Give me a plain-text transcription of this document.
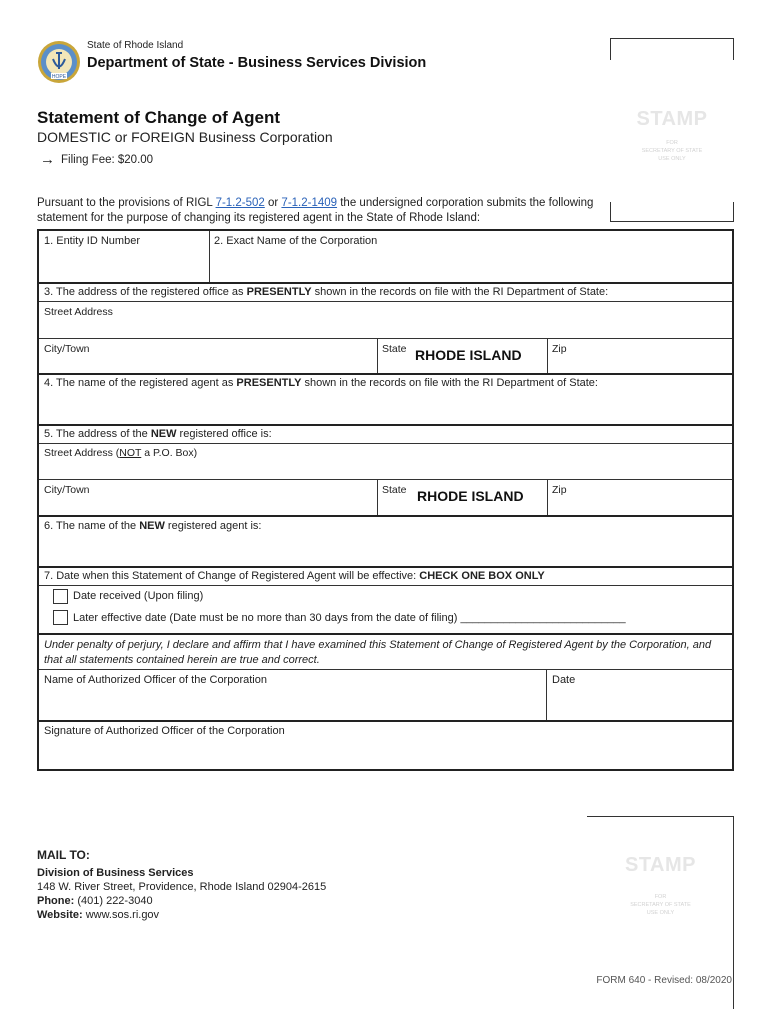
HOPE
State of Rhode Island
Department of State - Business Services Division
STAMP
FOR
SECRETARY OF STATE
USE ONLY
Statement of Change of Agent
DOMESTIC or FOREIGN Business Corporation
→ Filing Fee: $20.00
Pursuant to the provisions of RIGL 7-1.2-502 or 7-1.2-1409 the undersigned corporation submits the following statement for the purpose of changing its registered agent in the State of Rhode Island:
1. Entity ID Number	2. Exact Name of the Corporation
3. The address of the registered office as PRESENTLY shown in the records on file with the RI Department of State:
Street Address
City/Town	State RHODE ISLAND	Zip
4. The name of the registered agent as PRESENTLY shown in the records on file with the RI Department of State:
5. The address of the NEW registered office is:
Street Address (NOT a P.O. Box)
City/Town	State RHODE ISLAND	Zip
6. The name of the NEW registered agent is:
7. Date when this Statement of Change of Registered Agent will be effective: CHECK ONE BOX ONLY
Date received (Upon filing)
Later effective date (Date must be no more than 30 days from the date of filing) ___________________________
Under penalty of perjury, I declare and affirm that I have examined this Statement of Change of Registered Agent by the Corporation, and that all statements contained herein are true and correct.
Name of Authorized Officer of the Corporation	Date
Signature of Authorized Officer of the Corporation
MAIL TO:
Division of Business Services
148 W. River Street, Providence, Rhode Island 02904-2615
Phone: (401) 222-3040
Website: www.sos.ri.gov
STAMP
FOR
SECRETARY OF STATE
USE ONLY
FORM 640 - Revised: 08/2020
